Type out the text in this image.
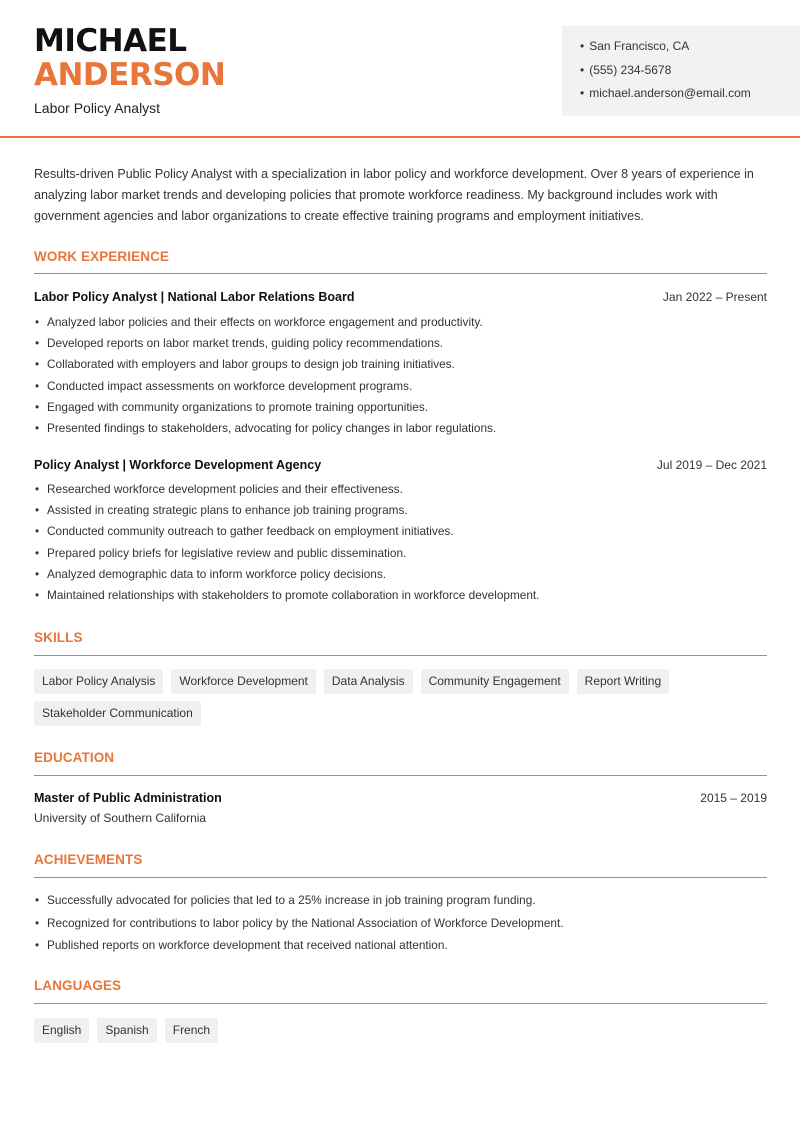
MICHAEL
ANDERSON
Labor Policy Analyst
• San Francisco, CA
• (555) 234-5678
• michael.anderson@email.com

Results-driven Public Policy Analyst with a specialization in labor policy and workforce development. Over 8 years of experience in analyzing labor market trends and developing policies that promote workforce readiness. My background includes work with government agencies and labor organizations to create effective training programs and employment initiatives.

WORK EXPERIENCE
Labor Policy Analyst | National Labor Relations Board	Jan 2022 – Present
• Analyzed labor policies and their effects on workforce engagement and productivity.
• Developed reports on labor market trends, guiding policy recommendations.
• Collaborated with employers and labor groups to design job training initiatives.
• Conducted impact assessments on workforce development programs.
• Engaged with community organizations to promote training opportunities.
• Presented findings to stakeholders, advocating for policy changes in labor regulations.
Policy Analyst | Workforce Development Agency	Jul 2019 – Dec 2021
• Researched workforce development policies and their effectiveness.
• Assisted in creating strategic plans to enhance job training programs.
• Conducted community outreach to gather feedback on employment initiatives.
• Prepared policy briefs for legislative review and public dissemination.
• Analyzed demographic data to inform workforce policy decisions.
• Maintained relationships with stakeholders to promote collaboration in workforce development.
SKILLS
Labor Policy Analysis	Workforce Development	Data Analysis	Community Engagement	Report Writing
Stakeholder Communication
EDUCATION
Master of Public Administration
University of Southern California
2015 – 2019
ACHIEVEMENTS
• Successfully advocated for policies that led to a 25% increase in job training program funding.
• Recognized for contributions to labor policy by the National Association of Workforce Development.
• Published reports on workforce development that received national attention.
LANGUAGES
English	Spanish	French
